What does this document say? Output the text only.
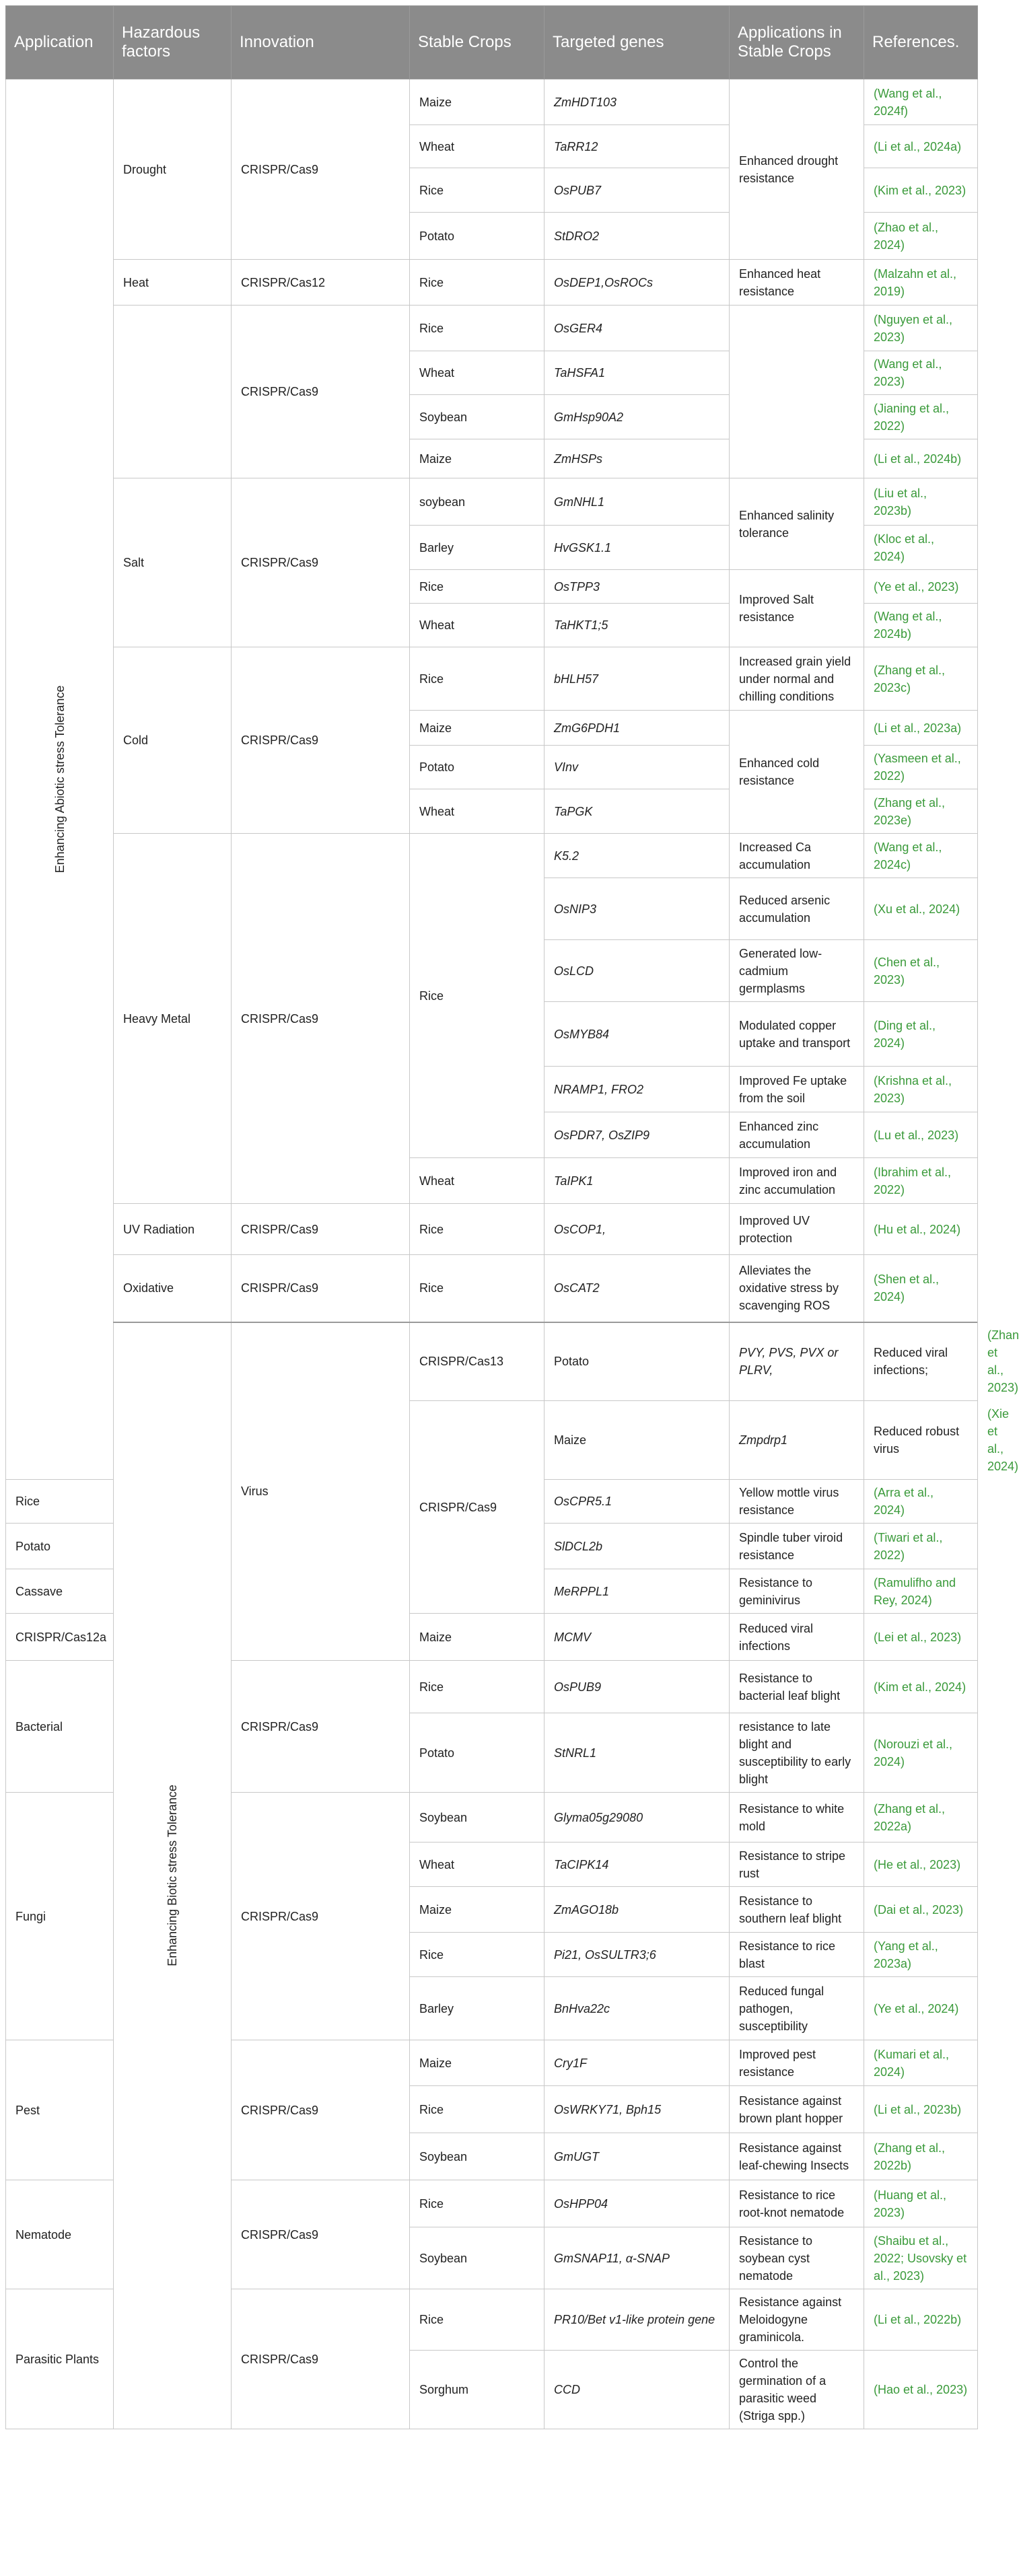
Application	Hazardous factors	Innovation	Stable Crops	Targeted genes	Applications in Stable Crops	References.	

Enhancing Abiotic stress Tolerance	Drought	CRISPR/Cas9	Maize	ZmHDT103	Enhanced drought resistance	(Wang et al., 2024f)	
			Wheat	TaRR12		(Li et al., 2024a)	
			Rice	OsPUB7		(Kim et al., 2023)	
			Potato	StDRO2		(Zhao et al., 2024)	
	Heat	CRISPR/Cas12	Rice	OsDEP1,OsROCs	Enhanced heat resistance	(Malzahn et al., 2019)	
		CRISPR/Cas9	Rice	OsGER4		(Nguyen et al., 2023)	
			Wheat	TaHSFA1		(Wang et al., 2023)	
			Soybean	GmHsp90A2		(Jianing et al., 2022)	
			Maize	ZmHSPs		(Li et al., 2024b)	
	Salt	CRISPR/Cas9	soybean	GmNHL1	Enhanced salinity tolerance	(Liu et al., 2023b)	
			Barley	HvGSK1.1		(Kloc et al., 2024)	
			Rice	OsTPP3	Improved Salt resistance	(Ye et al., 2023)	
			Wheat	TaHKT1;5		(Wang et al., 2024b)	
	Cold	CRISPR/Cas9	Rice	bHLH57	Increased grain yield under normal and chilling conditions	(Zhang et al., 2023c)	
			Maize	ZmG6PDH1	Enhanced cold resistance	(Li et al., 2023a)	
			Potato	VInv		(Yasmeen et al., 2022)	
			Wheat	TaPGK		(Zhang et al., 2023e)	
	Heavy Metal	CRISPR/Cas9	Rice	K5.2	Increased Ca accumulation	(Wang et al., 2024c)	
				OsNIP3	Reduced arsenic accumulation	(Xu et al., 2024)	
				OsLCD	Generated low-cadmium germplasms	(Chen et al., 2023)	
				OsMYB84	Modulated copper uptake and transport	(Ding et al., 2024)	
				NRAMP1, FRO2	Improved Fe uptake from the soil	(Krishna et al., 2023)	
				OsPDR7, OsZIP9	Enhanced zinc accumulation	(Lu et al., 2023)	
			Wheat	TaIPK1	Improved iron and zinc accumulation	(Ibrahim et al., 2022)	
	UV Radiation	CRISPR/Cas9	Rice	OsCOP1,	Improved UV protection	(Hu et al., 2024)	
	Oxidative	CRISPR/Cas9	Rice	OsCAT2	Alleviates the oxidative stress by scavenging ROS	(Shen et al., 2024)	

	Enhancing Biotic stress Tolerance	Virus	CRISPR/Cas13	Potato	PVY, PVS, PVX or PLRV,	Reduced viral infections;	(Zhan et al., 2023)
			CRISPR/Cas9	Maize	Zmpdrp1	Reduced robust virus	(Xie et al., 2024)
Rice				OsCPR5.1	Yellow mottle virus resistance	(Arra et al., 2024)	
Potato				SlDCL2b	Spindle tuber viroid resistance	(Tiwari et al., 2022)	
Cassave				MeRPPL1	Resistance to geminivirus	(Ramulifho and Rey, 2024)	
CRISPR/Cas12a			Maize	MCMV	Reduced viral infections	(Lei et al., 2023)	
Bacterial		CRISPR/Cas9	Rice	OsPUB9	Resistance to bacterial leaf blight	(Kim et al., 2024)	
			Potato	StNRL1	resistance to late blight and susceptibility to early blight	(Norouzi et al., 2024)	
Fungi		CRISPR/Cas9	Soybean	Glyma05g29080	Resistance to white mold	(Zhang et al., 2022a)	
			Wheat	TaCIPK14	Resistance to stripe rust	(He et al., 2023)	
			Maize	ZmAGO18b	Resistance to southern leaf blight	(Dai et al., 2023)	
			Rice	Pi21, OsSULTR3;6	Resistance to rice blast	(Yang et al., 2023a)	
			Barley	BnHva22c	Reduced fungal pathogen, susceptibility	(Ye et al., 2024)	
Pest		CRISPR/Cas9	Maize	Cry1F	Improved pest resistance	(Kumari et al., 2024)	
			Rice	OsWRKY71, Bph15	Resistance against brown plant hopper	(Li et al., 2023b)	
			Soybean	GmUGT	Resistance against leaf-chewing Insects	(Zhang et al., 2022b)	
Nematode		CRISPR/Cas9	Rice	OsHPP04	Resistance to rice root-knot nematode	(Huang et al., 2023)	
			Soybean	GmSNAP11, α-SNAP	Resistance to soybean cyst nematode	(Shaibu et al., 2022; Usovsky et al., 2023)	
Parasitic Plants		CRISPR/Cas9	Rice	PR10/Bet v1-like protein gene	Resistance against Meloidogyne graminicola.	(Li et al., 2022b)	
			Sorghum	CCD	Control the germination of a parasitic weed (Striga spp.)	(Hao et al., 2023)	
